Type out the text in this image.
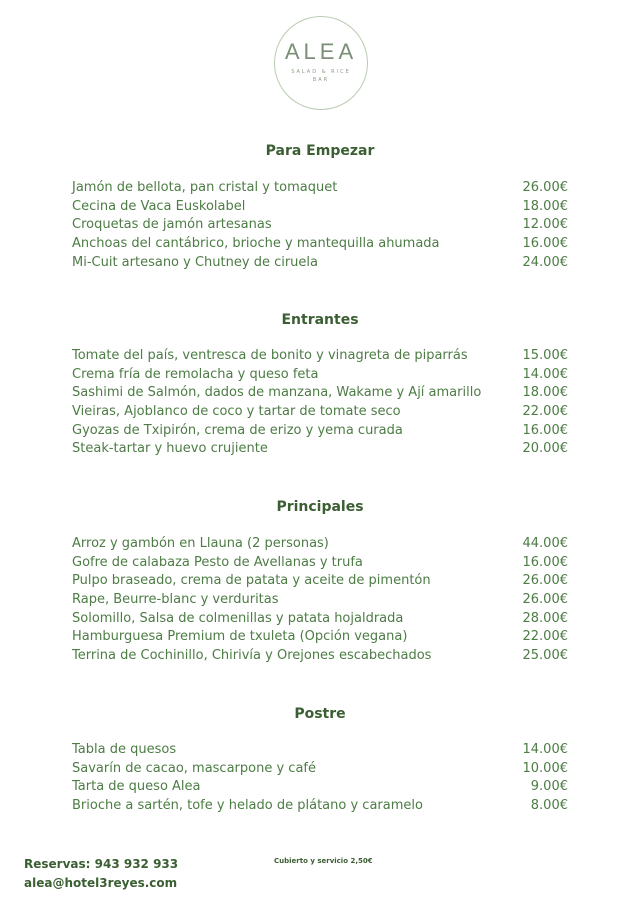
ALEA
SALAD & RICE
BAR
Para Empezar
Jamón de bellota, pan cristal y tomaquet	26.00€
Cecina de Vaca Euskolabel	18.00€
Croquetas de jamón artesanas	12.00€
Anchoas del cantábrico, brioche y mantequilla ahumada	16.00€
Mi-Cuit artesano y Chutney de ciruela	24.00€
Entrantes
Tomate del país, ventresca de bonito y vinagreta de piparrás	15.00€
Crema fría de remolacha y queso feta	14.00€
Sashimi de Salmón, dados de manzana, Wakame y Ají amarillo	18.00€
Vieiras, Ajoblanco de coco y tartar de tomate seco	22.00€
Gyozas de Txipirón, crema de erizo y yema curada	16.00€
Steak-tartar y huevo crujiente	20.00€
Principales
Arroz y gambón en Llauna (2 personas)	44.00€
Gofre de calabaza Pesto de Avellanas y trufa	16.00€
Pulpo braseado, crema de patata y aceite de pimentón	26.00€
Rape, Beurre-blanc y verduritas	26.00€
Solomillo, Salsa de colmenillas y patata hojaldrada	28.00€
Hamburguesa Premium de txuleta (Opción vegana)	22.00€
Terrina de Cochinillo, Chirivía y Orejones escabechados	25.00€
Postre
Tabla de quesos	14.00€
Savarín de cacao, mascarpone y café	10.00€
Tarta de queso Alea	9.00€
Brioche a sartén, tofe y helado de plátano y caramelo	8.00€
Reservas: 943 932 933
alea@hotel3reyes.com
Cubierto y servicio 2,50€
